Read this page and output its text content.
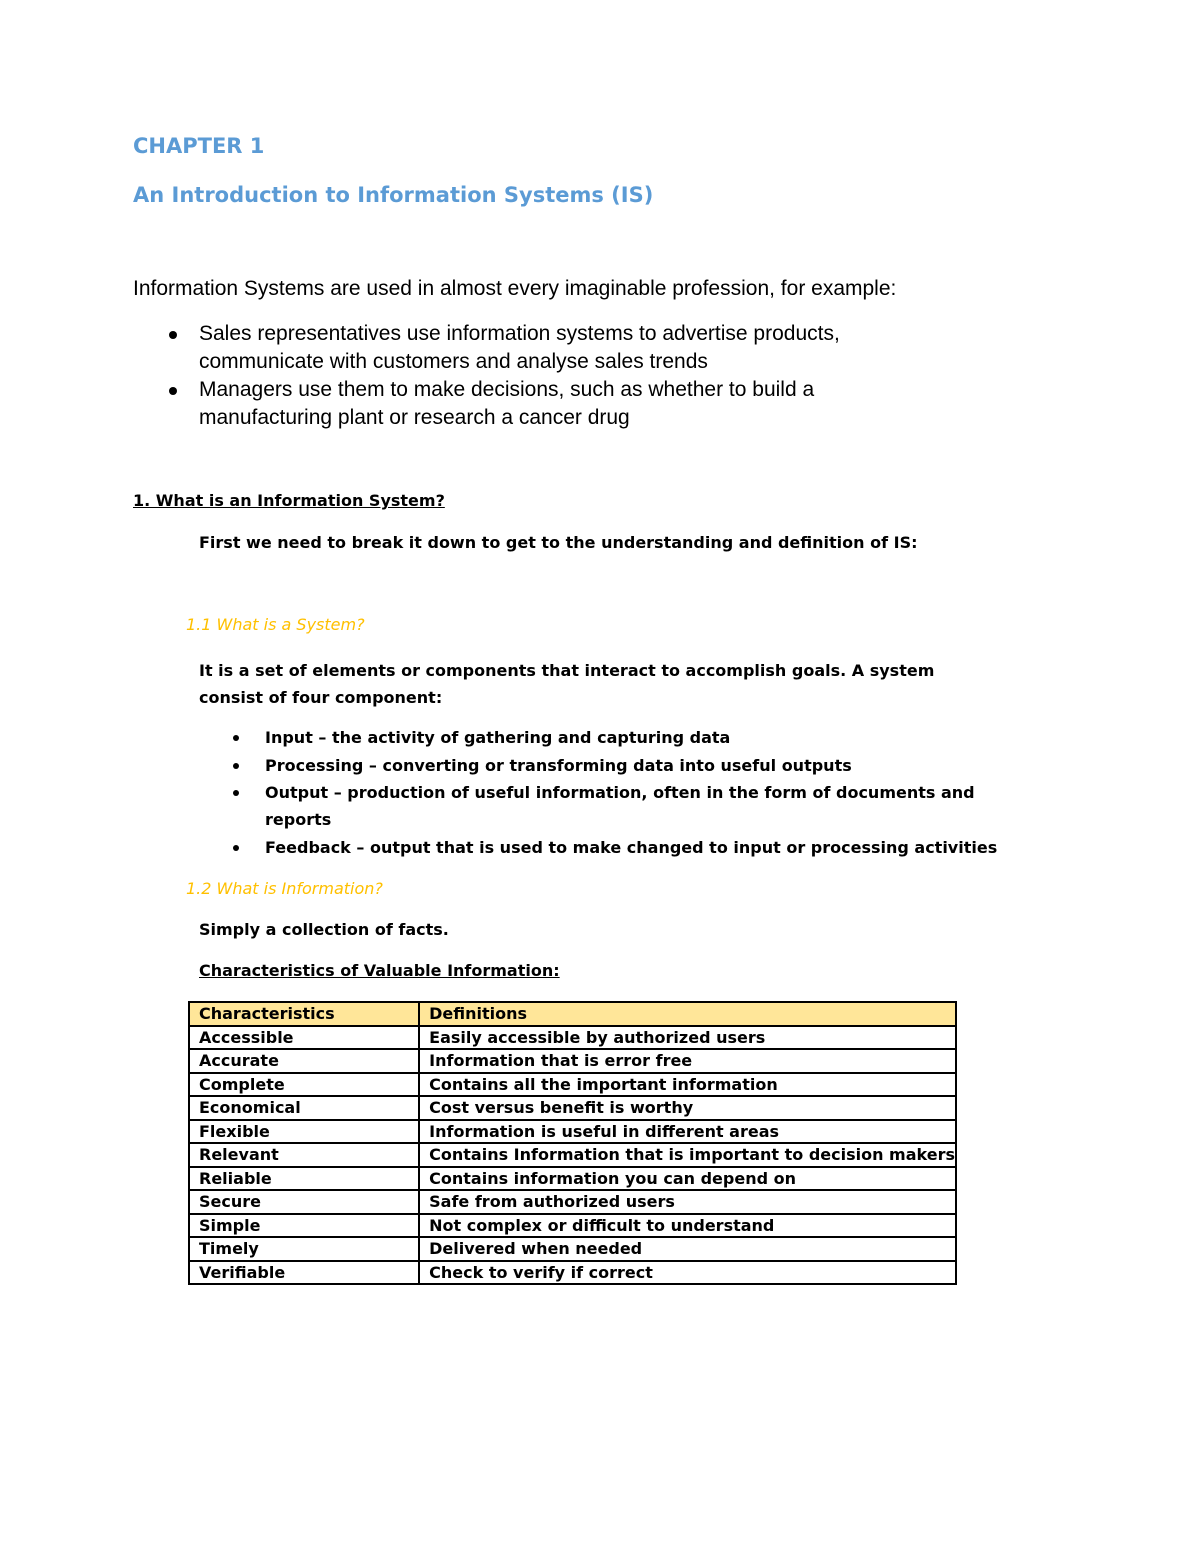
CHAPTER 1
An Introduction to Information Systems (IS)
Information Systems are used in almost every imaginable profession, for example:
Sales representatives use information systems to advertise products,
communicate with customers and analyse sales trends
Managers use them to make decisions, such as whether to build a
manufacturing plant or research a cancer drug
1. What is an Information System?
First we need to break it down to get to the understanding and definition of IS:
1.1 What is a System?
It is a set of elements or components that interact to accomplish goals. A system consist of four component:
Input – the activity of gathering and capturing data
Processing – converting or transforming data into useful outputs
Output – production of useful information, often in the form of documents and
reports
Feedback – output that is used to make changed to input or processing activities
1.2 What is Information?
Simply a collection of facts.
Characteristics of Valuable Information:
Characteristics	Definitions
Accessible	Easily accessible by authorized users
Accurate	Information that is error free
Complete	Contains all the important information
Economical	Cost versus benefit is worthy
Flexible	Information is useful in different areas
Relevant	Contains Information that is important to decision makers
Reliable	Contains information you can depend on
Secure	Safe from authorized users
Simple	Not complex or difficult to understand
Timely	Delivered when needed
Verifiable	Check to verify if correct
